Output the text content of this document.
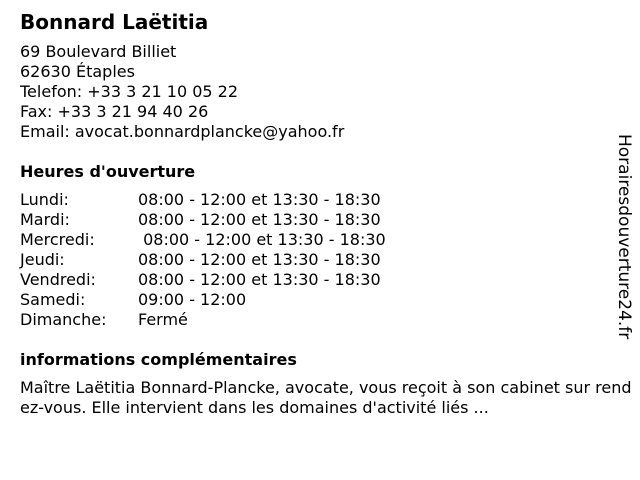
Bonnard Laëtitia
69 Boulevard Billiet
62630 Étaples
Telefon: +33 3 21 10 05 22
Fax: +33 3 21 94 40 26
Email: avocat.bonnardplancke@yahoo.fr
Heures d'ouverture
Lundi:	08:00 - 12:00 et 13:30 - 18:30
Mardi:	08:00 - 12:00 et 13:30 - 18:30
Mercredi:	08:00 - 12:00 et 13:30 - 18:30
Jeudi:	08:00 - 12:00 et 13:30 - 18:30
Vendredi:	08:00 - 12:00 et 13:30 - 18:30
Samedi:	09:00 - 12:00
Dimanche:	Fermé
informations complémentaires
Maître Laëtitia Bonnard-Plancke, avocate, vous reçoit à son cabinet sur rendez-vous. Elle intervient dans les domaines d'activité liés ...
Horairesdouverture24.fr
